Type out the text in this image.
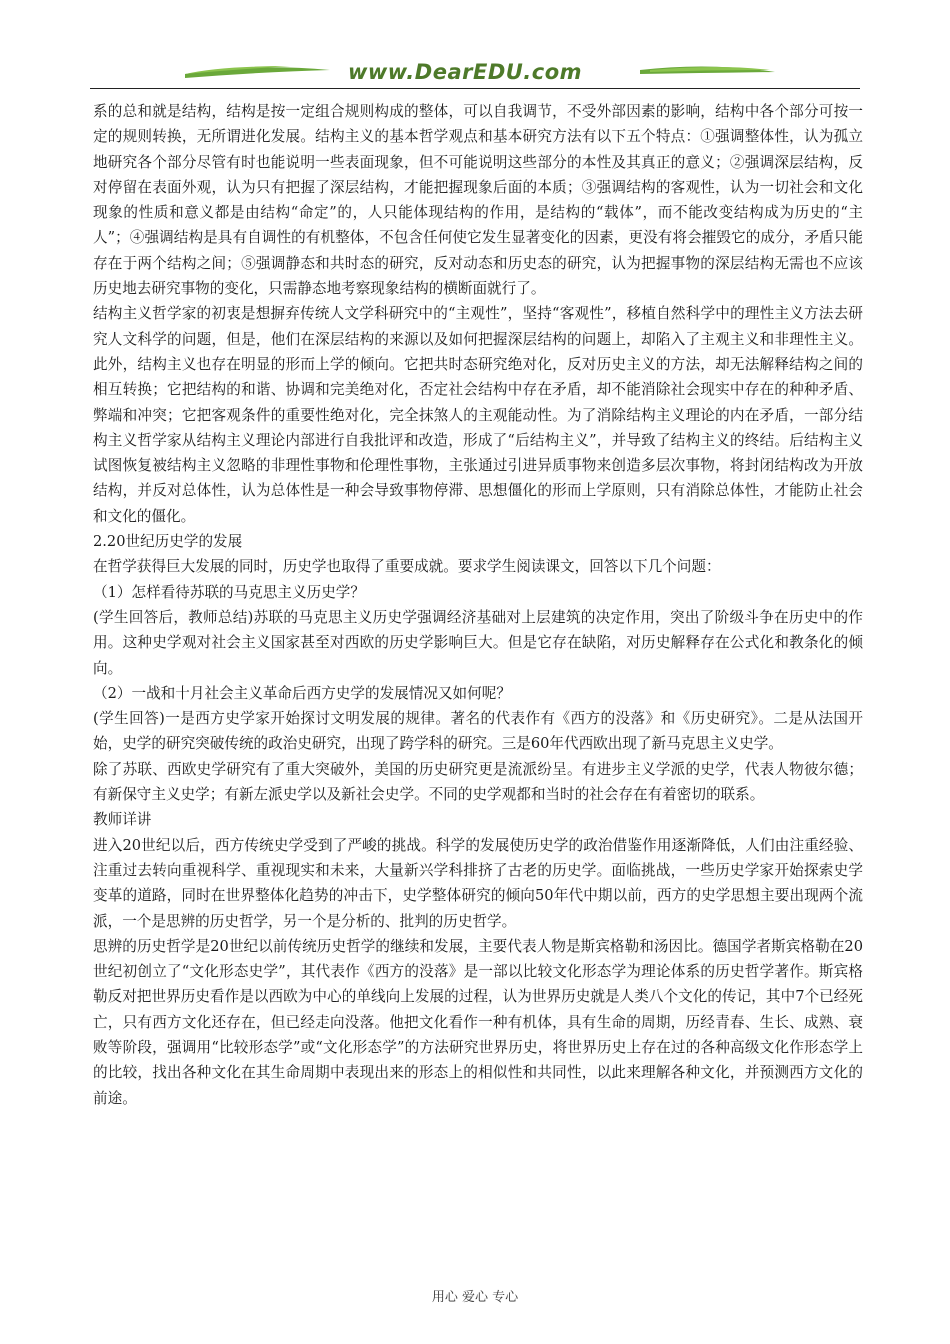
www.DearEDU.com

系的总和就是结构，结构是按一定组合规则构成的整体，可以自我调节，不受外部因素的影响，结构中各个部分可按一定的规则转换，无所谓进化发展。结构主义的基本哲学观点和基本研究方法有以下五个特点：①强调整体性，认为孤立地研究各个部分尽管有时也能说明一些表面现象，但不可能说明这些部分的本性及其真正的意义；②强调深层结构，反对停留在表面外观，认为只有把握了深层结构，才能把握现象后面的本质；③强调结构的客观性，认为一切社会和文化现象的性质和意义都是由结构“命定”的，人只能体现结构的作用，是结构的“载体”，而不能改变结构成为历史的“主人”；④强调结构是具有自调性的有机整体，不包含任何使它发生显著变化的因素，更没有将会摧毁它的成分，矛盾只能存在于两个结构之间；⑤强调静态和共时态的研究，反对动态和历史态的研究，认为把握事物的深层结构无需也不应该历史地去研究事物的变化，只需静态地考察现象结构的横断面就行了。

结构主义哲学家的初衷是想摒弃传统人文学科研究中的“主观性”，坚持“客观性”，移植自然科学中的理性主义方法去研究人文科学的问题，但是，他们在深层结构的来源以及如何把握深层结构的问题上，却陷入了主观主义和非理性主义。此外，结构主义也存在明显的形而上学的倾向。它把共时态研究绝对化，反对历史主义的方法，却无法解释结构之间的相互转换；它把结构的和谐、协调和完美绝对化，否定社会结构中存在矛盾，却不能消除社会现实中存在的种种矛盾、弊端和冲突；它把客观条件的重要性绝对化，完全抹煞人的主观能动性。为了消除结构主义理论的内在矛盾，一部分结构主义哲学家从结构主义理论内部进行自我批评和改造，形成了“后结构主义”，并导致了结构主义的终结。后结构主义试图恢复被结构主义忽略的非理性事物和伦理性事物，主张通过引进异质事物来创造多层次事物，将封闭结构改为开放结构，并反对总体性，认为总体性是一种会导致事物停滞、思想僵化的形而上学原则，只有消除总体性，才能防止社会和文化的僵化。

2.20世纪历史学的发展

在哲学获得巨大发展的同时，历史学也取得了重要成就。要求学生阅读课文，回答以下几个问题：

（1）怎样看待苏联的马克思主义历史学？

(学生回答后，教师总结)苏联的马克思主义历史学强调经济基础对上层建筑的决定作用，突出了阶级斗争在历史中的作用。这种史学观对社会主义国家甚至对西欧的历史学影响巨大。但是它存在缺陷，对历史解释存在公式化和教条化的倾向。

（2）一战和十月社会主义革命后西方史学的发展情况又如何呢？

(学生回答)一是西方史学家开始探讨文明发展的规律。著名的代表作有《西方的没落》和《历史研究》。二是从法国开始，史学的研究突破传统的政治史研究，出现了跨学科的研究。三是60年代西欧出现了新马克思主义史学。

除了苏联、西欧史学研究有了重大突破外，美国的历史研究更是流派纷呈。有进步主义学派的史学，代表人物彼尔德；有新保守主义史学；有新左派史学以及新社会史学。不同的史学观都和当时的社会存在有着密切的联系。

教师详讲

进入20世纪以后，西方传统史学受到了严峻的挑战。科学的发展使历史学的政治借鉴作用逐渐降低，人们由注重经验、注重过去转向重视科学、重视现实和未来，大量新兴学科排挤了古老的历史学。面临挑战，一些历史学家开始探索史学变革的道路，同时在世界整体化趋势的冲击下，史学整体研究的倾向50年代中期以前，西方的史学思想主要出现两个流派，一个是思辨的历史哲学，另一个是分析的、批判的历史哲学。

思辨的历史哲学是20世纪以前传统历史哲学的继续和发展，主要代表人物是斯宾格勒和汤因比。德国学者斯宾格勒在20世纪初创立了“文化形态史学”，其代表作《西方的没落》是一部以比较文化形态学为理论体系的历史哲学著作。斯宾格勒反对把世界历史看作是以西欧为中心的单线向上发展的过程，认为世界历史就是人类八个文化的传记，其中7个已经死亡，只有西方文化还存在，但已经走向没落。他把文化看作一种有机体，具有生命的周期，历经青春、生长、成熟、衰败等阶段，强调用“比较形态学”或“文化形态学”的方法研究世界历史，将世界历史上存在过的各种高级文化作形态学上的比较，找出各种文化在其生命周期中表现出来的形态上的相似性和共同性，以此来理解各种文化，并预测西方文化的前途。

用心 爱心 专心
